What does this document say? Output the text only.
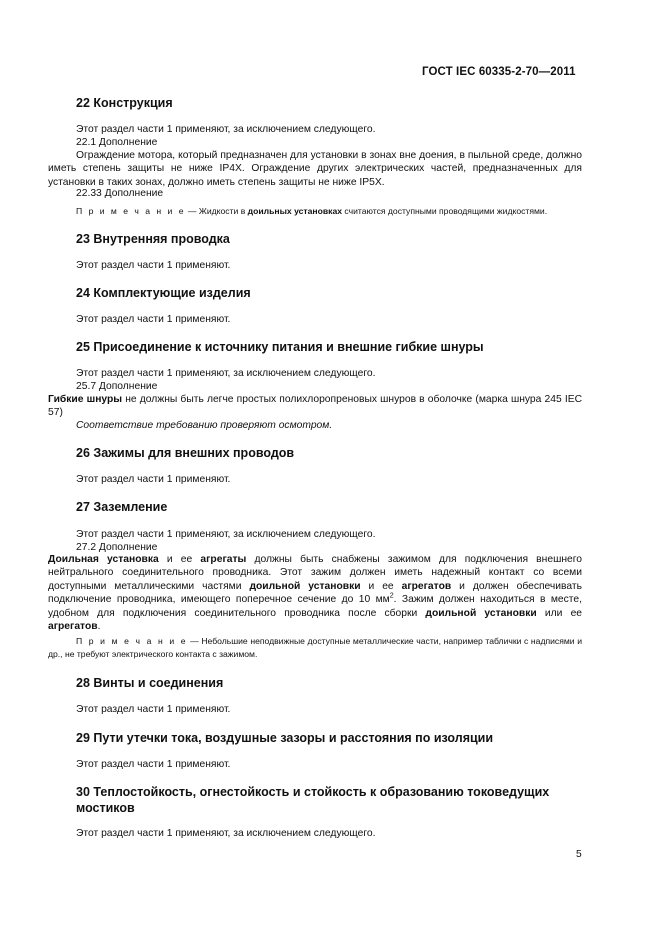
ГОСТ IEC 60335-2-70—2011
22 Конструкция
Этот раздел части 1 применяют, за исключением следующего.
22.1 Дополнение
Ограждение мотора, который предназначен для установки в зонах вне доения, в пыльной среде, должно иметь степень защиты не ниже IP4X. Ограждение других электрических частей, предназначенных для установки в таких зонах, должно иметь степень защиты не ниже IP5X.
22.33 Дополнение
П р и м е ч а н и е — Жидкости в доильных установках считаются доступными проводящими жидкостями.
23 Внутренняя проводка
Этот раздел части 1 применяют.
24 Комплектующие изделия
Этот раздел части 1 применяют.
25 Присоединение к источнику питания и внешние гибкие шнуры
Этот раздел части 1 применяют, за исключением следующего.
25.7 Дополнение
Гибкие шнуры не должны быть легче простых полихлоропреновых шнуров в оболочке (марка шнура 245 IEC 57)
Соответствие требованию проверяют осмотром.
26 Зажимы для внешних проводов
Этот раздел части 1 применяют.
27 Заземление
Этот раздел части 1 применяют, за исключением следующего.
27.2 Дополнение
Доильная установка и ее агрегаты должны быть снабжены зажимом для подключения внешнего нейтрального соединительного проводника. Этот зажим должен иметь надежный контакт со всеми доступными металлическими частями доильной установки и ее агрегатов и должен обеспечивать подключение проводника, имеющего поперечное сечение до 10 $мм^2$. Зажим должен находиться в месте, удобном для подключения соединительного проводника после сборки доильной установки или ее агрегатов.
П р и м е ч а н и е — Небольшие неподвижные доступные металлические части, например таблички с надписями и др., не требуют электрического контакта с зажимом.
28 Винты и соединения
Этот раздел части 1 применяют.
29 Пути утечки тока, воздушные зазоры и расстояния по изоляции
Этот раздел части 1 применяют.
30 Теплостойкость, огнестойкость и стойкость к образованию токоведущих мостиков
Этот раздел части 1 применяют, за исключением следующего.
5
